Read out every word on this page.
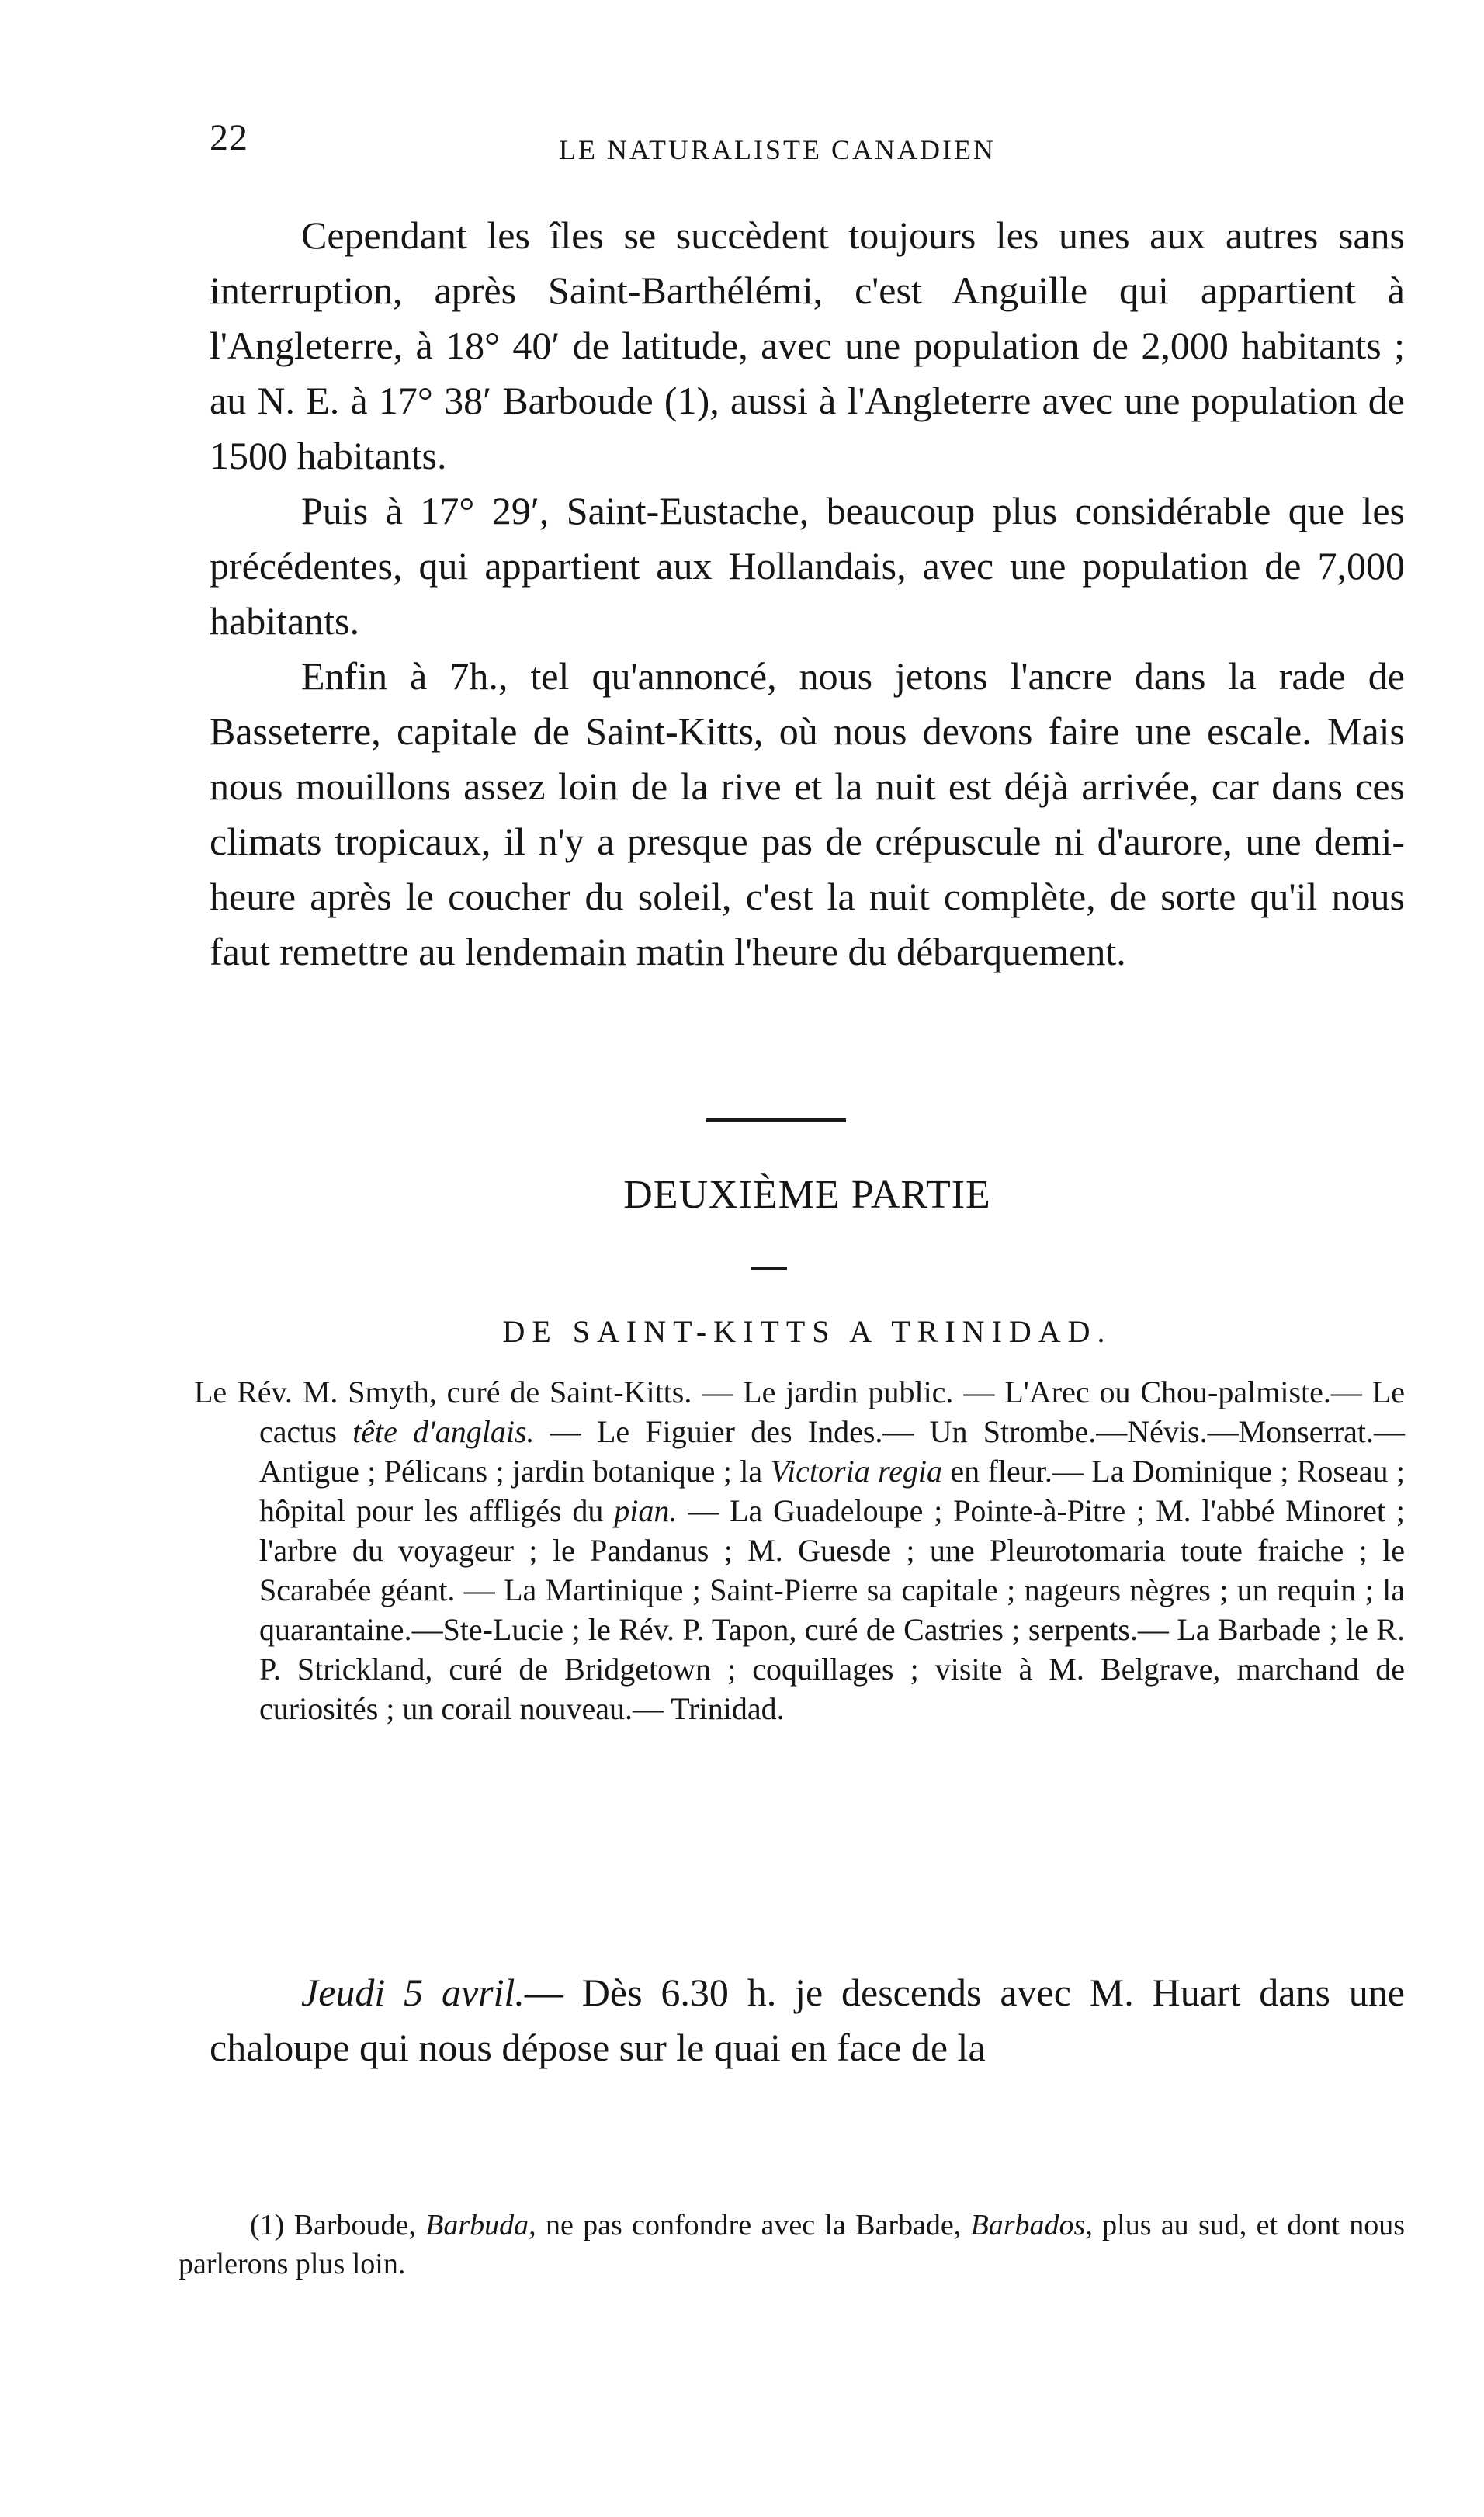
22	LE NATURALISTE CANADIEN

Cependant les îles se succèdent toujours les unes aux autres sans interruption, après Saint-Barthélémi, c'est Anguille qui appartient à l'Angleterre, à 18° 40′ de latitude, avec une population de 2,000 habitants ; au N. E. à 17° 38′ Barboude (1), aussi à l'Angleterre avec une population de 1500 habitants.

Puis à 17° 29′, Saint-Eustache, beaucoup plus considérable que les précédentes, qui appartient aux Hollandais, avec une population de 7,000 habitants.

Enfin à 7h., tel qu'annoncé, nous jetons l'ancre dans la rade de Basseterre, capitale de Saint-Kitts, où nous devons faire une escale. Mais nous mouillons assez loin de la rive et la nuit est déjà arrivée, car dans ces climats tropicaux, il n'y a presque pas de crépuscule ni d'aurore, une demi-heure après le coucher du soleil, c'est la nuit complète, de sorte qu'il nous faut remettre au lendemain matin l'heure du débarquement.

DEUXIÈME PARTIE
DE SAINT-KITTS A TRINIDAD.

Le Rév. M. Smyth, curé de Saint-Kitts. — Le jardin public. — L'Arec ou Chou-palmiste.— Le cactus tête d'anglais. — Le Figuier des Indes.— Un Strombe.—Névis.—Monserrat.—Antigue ; Pélicans ; jardin botanique ; la Victoria regia en fleur.— La Dominique ; Roseau ; hôpital pour les affligés du pian. — La Guadeloupe ; Pointe-à-Pitre ; M. l'abbé Minoret ; l'arbre du voyageur ; le Pandanus ; M. Guesde ; une Pleurotomaria toute fraiche ; le Scarabée géant. — La Martinique ; Saint-Pierre sa capitale ; nageurs nègres ; un requin ; la quarantaine.—Ste-Lucie ; le Rév. P. Tapon, curé de Castries ; serpents.— La Barbade ; le R. P. Strickland, curé de Bridgetown ; coquillages ; visite à M. Belgrave, marchand de curiosités ; un corail nouveau.— Trinidad.

Jeudi 5 avril.— Dès 6.30 h. je descends avec M. Huart dans une chaloupe qui nous dépose sur le quai en face de la

(1) Barboude, Barbuda, ne pas confondre avec la Barbade, Barbados, plus au sud, et dont nous parlerons plus loin.
